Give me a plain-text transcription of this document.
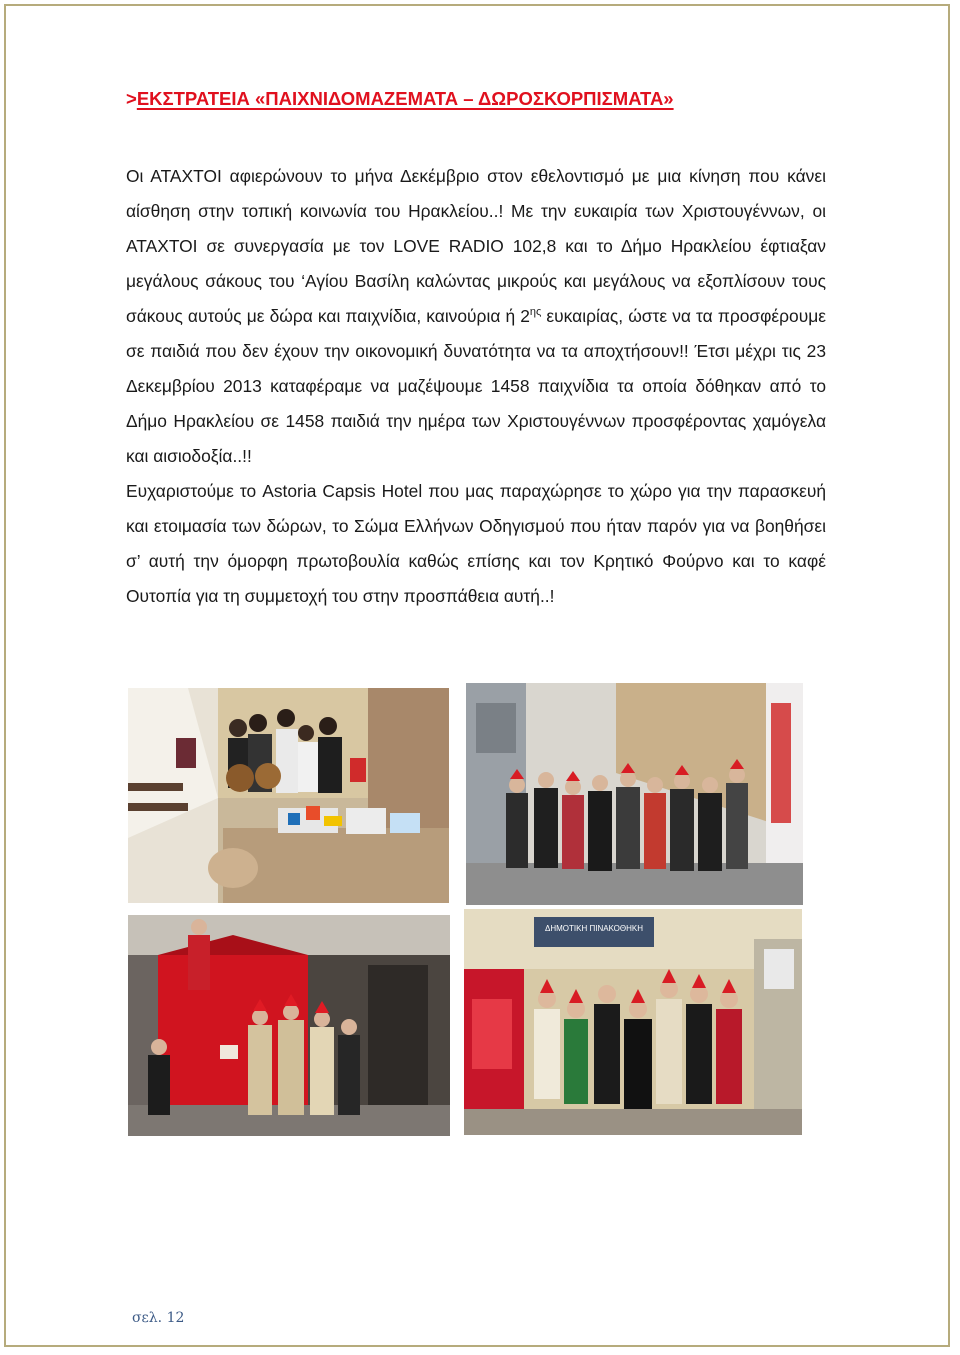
>ΕΚΣΤΡΑΤΕΙΑ «ΠΑΙΧΝΙΔΟΜΑΖΕΜΑΤΑ – ΔΩΡΟΣΚΟΡΠΙΣΜΑΤΑ»

Οι ΑΤΑΧΤΟΙ αφιερώνουν το μήνα Δεκέμβριο στον εθελοντισμό με μια κίνηση που κάνει αίσθηση στην τοπική κοινωνία του Ηρακλείου..! Με την ευκαιρία των Χριστουγέννων, οι ΑΤΑΧΤΟΙ σε συνεργασία με τον LOVE RADIO 102,8 και το Δήμο Ηρακλείου έφτιαξαν μεγάλους σάκους του ‘Αγίου Βασίλη καλώντας μικρούς και μεγάλους να εξοπλίσουν τους σάκους αυτούς με δώρα και παιχνίδια, καινούρια ή $2^{\eta\varsigma}$ ευκαιρίας, ώστε να τα προσφέρουμε σε παιδιά που δεν έχουν την οικονομική δυνατότητα να τα αποχτήσουν!! Έτσι μέχρι τις 23 Δεκεμβρίου 2013 καταφέραμε να μαζέψουμε 1458 παιχνίδια τα οποία δόθηκαν από το Δήμο Ηρακλείου σε 1458 παιδιά την ημέρα των Χριστουγέννων προσφέροντας χαμόγελα και αισιοδοξία..!!

Ευχαριστούμε το Astoria Capsis Hotel που μας παραχώρησε το χώρο για την παρασκευή και ετοιμασία των δώρων, το Σώμα Ελλήνων Οδηγισμού που ήταν παρόν για να βοηθήσει σ’ αυτή την όμορφη πρωτοβουλία καθώς επίσης και τον Κρητικό Φούρνο και το καφέ Ουτοπία για τη συμμετοχή του στην προσπάθεια αυτή..!

ΔΗΜΟΤΙΚΗ ΠΙΝΑΚΟΘΗΚΗ
σελ. 12
